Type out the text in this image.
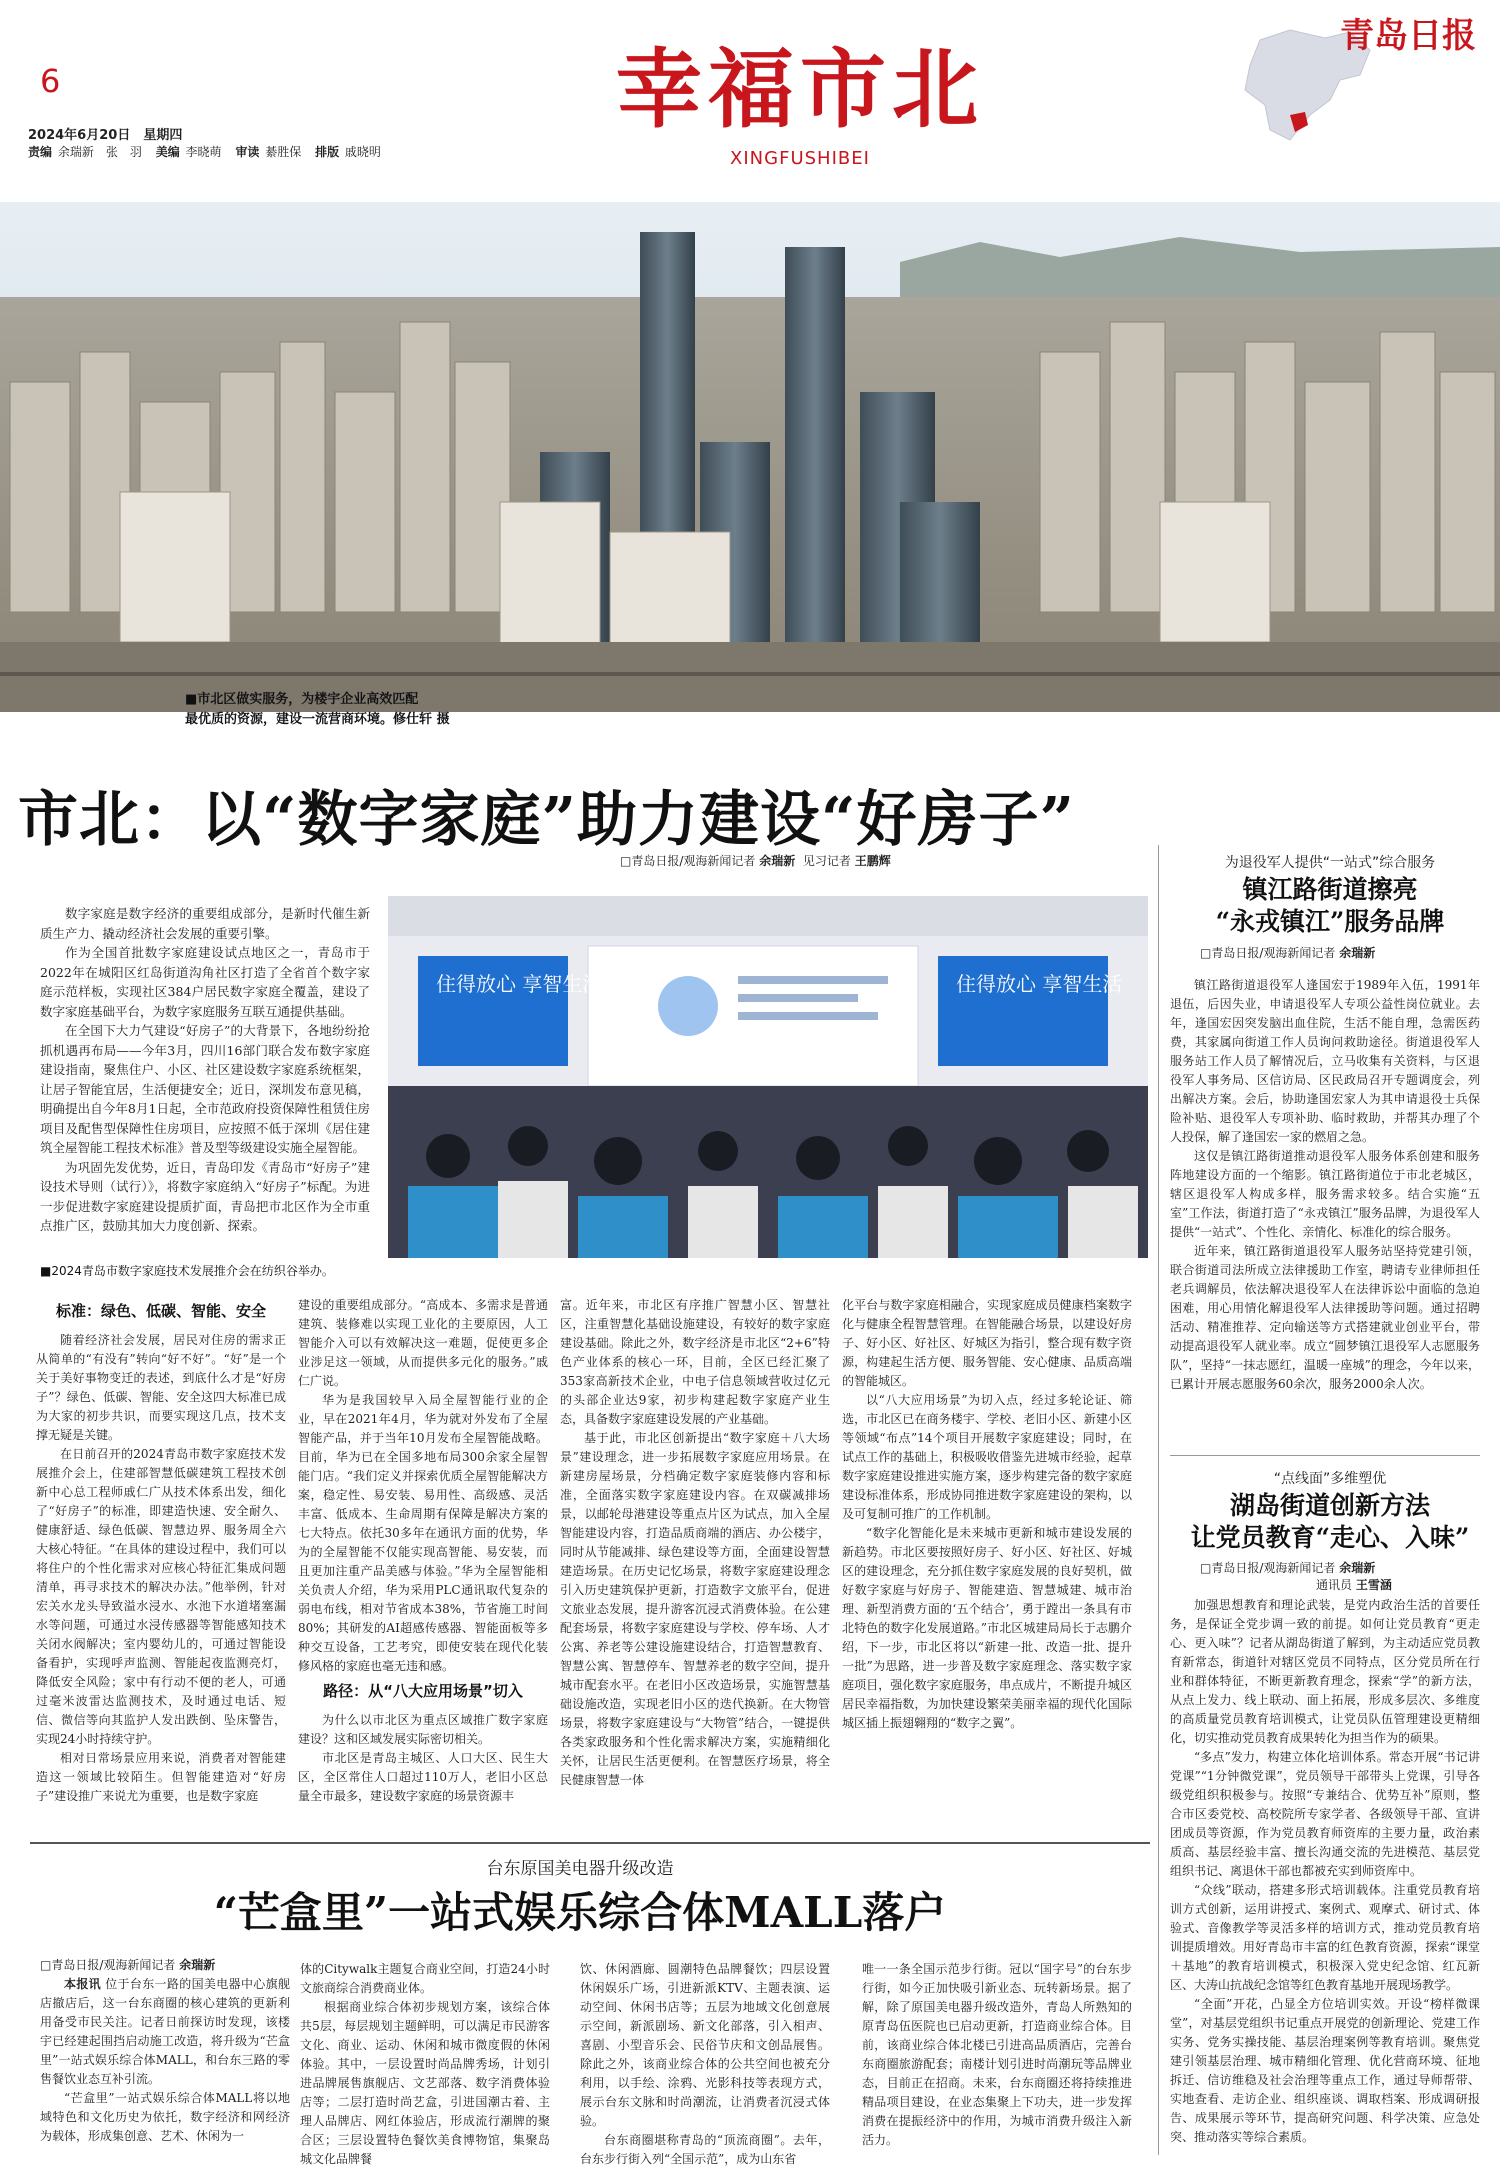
6
2024年6月20日　星期四
责编 余瑞新　张　羽 美编 李晓萌 审读 綦胜保 排版 戚晓明
幸福市北
XINGFUSHIBEI
青岛日报
■市北区做实服务，为楼宇企业高效匹配
最优质的资源，建设一流营商环境。修仕轩 摄
市北：以“数字家庭”助力建设“好房子”
□青岛日报/观海新闻记者 余瑞新 见习记者 王鹏辉

数字家庭是数字经济的重要组成部分，是新时代催生新质生产力、撬动经济社会发展的重要引擎。

作为全国首批数字家庭建设试点地区之一，青岛市于2022年在城阳区红岛街道沟角社区打造了全省首个数字家庭示范样板，实现社区384户居民数字家庭全覆盖，建设了数字家庭基础平台，为数字家庭服务互联互通提供基础。

在全国下大力气建设“好房子”的大背景下，各地纷纷抢抓机遇再布局——今年3月，四川16部门联合发布数字家庭建设指南，聚焦住户、小区、社区建设数字家庭系统框架，让居子智能宜居，生活便捷安全；近日，深圳发布意见稿，明确提出自今年8月1日起，全市范政府投资保障性租赁住房项目及配售型保障性住房项目，应按照不低于深圳《居住建筑全屋智能工程技术标准》普及型等级建设实施全屋智能。

为巩固先发优势，近日，青岛印发《青岛市“好房子”建设技术导则（试行）》，将数字家庭纳入“好房子”标配。为进一步促进数字家庭建设提质扩面，青岛把市北区作为全市重点推广区，鼓励其加大力度创新、探索。

住得放心 享智生活	住得放心 享智生活
■2024青岛市数字家庭技术发展推介会在纺织谷举办。
标准：绿色、低碳、智能、安全

随着经济社会发展，居民对住房的需求正从简单的“有没有”转向“好不好”。“好”是一个关于美好事物变迁的表述，到底什么才是“好房子”？绿色、低碳、智能、安全这四大标准已成为大家的初步共识，而要实现这几点，技术支撑无疑是关键。

在日前召开的2024青岛市数字家庭技术发展推介会上，住建部智慧低碳建筑工程技术创新中心总工程师戚仁广从技术体系出发，细化了“好房子”的标准，即建造快速、安全耐久、健康舒适、绿色低碳、智慧边界、服务周全六大核心特征。“在具体的建设过程中，我们可以将住户的个性化需求对应核心特征汇集成问题清单，再寻求技术的解决办法。”他举例，针对宏关水龙头导致溢水浸水、水池下水道堵塞漏水等问题，可通过水浸传感器等智能感知技术关闭水阀解决；室内婴幼儿的，可通过智能设备看护，实现呼声监测、智能起夜监测亮灯，降低安全风险；家中有行动不便的老人，可通过毫米波雷达监测技术，及时通过电话、短信、微信等向其监护人发出跌倒、坠床警告，实现24小时持续守护。

相对日常场景应用来说，消费者对智能建造这一领域比较陌生。但智能建造对“好房子”建设推广来说尤为重要，也是数字家庭

建设的重要组成部分。“高成本、多需求是普通建筑、装修难以实现工业化的主要原因，人工智能介入可以有效解决这一难题，促使更多企业涉足这一领域，从而提供多元化的服务。”戚仁广说。

华为是我国较早入局全屋智能行业的企业，早在2021年4月，华为就对外发布了全屋智能产品，并于当年10月发布全屋智能战略。目前，华为已在全国多地布局300余家全屋智能门店。“我们定义并探索优质全屋智能解决方案，稳定性、易安装、易用性、高级感、灵活丰富、低成本、生命周期有保障是解决方案的七大特点。依托30多年在通讯方面的优势，华为的全屋智能不仅能实现高智能、易安装，而且更加注重产品美感与体验。”华为全屋智能相关负责人介绍，华为采用PLC通讯取代复杂的弱电布线，相对节省成本38%，节省施工时间80%；其研发的AI超感传感器、智能面板等多种交互设备，工艺考究，即使安装在现代化装修风格的家庭也毫无违和感。

路径：从“八大应用场景”切入

为什么以市北区为重点区域推广数字家庭建设？这和区域发展实际密切相关。

市北区是青岛主城区、人口大区、民生大区，全区常住人口超过110万人，老旧小区总量全市最多，建设数字家庭的场景资源丰

富。近年来，市北区有序推广智慧小区、智慧社区，注重智慧化基础设施建设，有较好的数字家庭建设基础。除此之外，数字经济是市北区“2+6”特色产业体系的核心一环，目前，全区已经汇聚了353家高新技术企业，中电子信息领域营收过亿元的头部企业达9家，初步构建起数字家庭产业生态，具备数字家庭建设发展的产业基础。

基于此，市北区创新提出“数字家庭＋八大场景”建设理念，进一步拓展数字家庭应用场景。在新建房屋场景，分档确定数字家庭装修内容和标准，全面落实数字家庭建设内容。在双碳减排场景，以邮轮母港建设等重点片区为试点，加入全屋智能建设内容，打造品质商端的酒店、办公楼宇，同时从节能减排、绿色建设等方面，全面建设智慧建造场景。在历史记忆场景，将数字家庭建设理念引入历史建筑保护更新，打造数字文旅平台，促进文旅业态发展，提升游客沉浸式消费体验。在公建配套场景，将数字家庭建设与学校、停车场、人才公寓、养老等公建设施建设结合，打造智慧教育、智慧公寓、智慧停车、智慧养老的数字空间，提升城市配套水平。在老旧小区改造场景，实施智慧基础设施改造，实现老旧小区的迭代换新。在大物管场景，将数字家庭建设与“大物管”结合，一键提供各类家政服务和个性化需求解决方案，实施精细化关怀，让居民生活更便利。在智慧医疗场景，将全民健康智慧一体

化平台与数字家庭相融合，实现家庭成员健康档案数字化与健康全程智慧管理。在智能融合场景，以建设好房子、好小区、好社区、好城区为指引，整合现有数字资源，构建起生活方便、服务智能、安心健康、品质高端的智能城区。

以“八大应用场景”为切入点，经过多轮论证、筛选，市北区已在商务楼宇、学校、老旧小区、新建小区等领域“布点”14个项目开展数字家庭建设；同时，在试点工作的基础上，积极吸收借鉴先进城市经验，起草数字家庭建设推进实施方案，逐步构建完备的数字家庭建设标准体系，形成协同推进数字家庭建设的架构，以及可复制可推广的工作机制。

“数字化智能化是未来城市更新和城市建设发展的新趋势。市北区要按照好房子、好小区、好社区、好城区的建设理念，充分抓住数字家庭发展的良好契机，做好数字家庭与好房子、智能建造、智慧城建、城市治理、新型消费方面的‘五个结合’，勇于蹚出一条具有市北特色的数字化发展道路。”市北区城建局局长于志鹏介绍，下一步，市北区将以“新建一批、改造一批、提升一批”为思路，进一步普及数字家庭理念、落实数字家庭项目，强化数字家庭服务，串点成片，不断提升城区居民幸福指数，为加快建设繁荣美丽幸福的现代化国际城区插上振翅翱翔的“数字之翼”。

为退役军人提供“一站式”综合服务
镇江路街道擦亮
“永戎镇江”服务品牌
□青岛日报/观海新闻记者 余瑞新

镇江路街道退役军人逢国宏于1989年入伍，1991年退伍，后因失业，申请退役军人专项公益性岗位就业。去年，逢国宏因突发脑出血住院，生活不能自理，急需医药费，其家属向街道工作人员询问救助途径。街道退役军人服务站工作人员了解情况后，立马收集有关资料，与区退役军人事务局、区信访局、区民政局召开专题调度会，列出解决方案。会后，协助逢国宏家人为其申请退役士兵保险补贴、退役军人专项补助、临时救助，并帮其办理了个人投保，解了逢国宏一家的燃眉之急。

这仅是镇江路街道推动退役军人服务体系创建和服务阵地建设方面的一个缩影。镇江路街道位于市北老城区，辖区退役军人构成多样，服务需求较多。结合实施“五室”工作法，街道打造了“永戎镇江”服务品牌，为退役军人提供“一站式”、个性化、亲情化、标准化的综合服务。

近年来，镇江路街道退役军人服务站坚持党建引领，联合街道司法所成立法律援助工作室，聘请专业律师担任老兵调解员，依法解决退役军人在法律诉讼中面临的急迫困难，用心用情化解退役军人法律援助等问题。通过招聘活动、精准推荐、定向输送等方式搭建就业创业平台，带动提高退役军人就业率。成立“圆梦镇江退役军人志愿服务队”，坚持“一抹志愿红，温暖一座城”的理念，今年以来，已累计开展志愿服务60余次，服务2000余人次。

“点线面”多维塑优
湖岛街道创新方法
让党员教育“走心、入味”
□青岛日报/观海新闻记者 余瑞新
通讯员 王雪涵

加强思想教育和理论武装，是党内政治生活的首要任务，是保证全党步调一致的前提。如何让党员教育“更走心、更入味”？记者从湖岛街道了解到，为主动适应党员教育新常态，街道针对辖区党员不同特点，区分党员所在行业和群体特征，不断更新教育理念，探索“学”的新方法，从点上发力、线上联动、面上拓展，形成多层次、多维度的高质量党员教育培训模式，让党员队伍管理建设更精细化，切实推动党员教育成果转化为担当作为的硕果。

“多点”发力，构建立体化培训体系。常态开展“书记讲党课”“1分钟微党课”，党员领导干部带头上党课，引导各级党组织积极参与。按照“专兼结合、优势互补”原则，整合市区委党校、高校院所专家学者、各级领导干部、宣讲团成员等资源，作为党员教育师资库的主要力量，政治素质高、基层经验丰富、擅长沟通交流的先进模范、基层党组织书记、离退休干部也都被充实到师资库中。

“众线”联动，搭建多形式培训载体。注重党员教育培训方式创新，运用讲授式、案例式、观摩式、研讨式、体验式、音像教学等灵活多样的培训方式，推动党员教育培训提质增效。用好青岛市丰富的红色教育资源，探索“课堂＋基地”的教育培训模式，积极深入党史纪念馆、红瓦新区、大涛山抗战纪念馆等红色教育基地开展现场教学。

“全面”开花，凸显全方位培训实效。开设“榜样微课堂”，对基层党组织书记重点开展党的创新理论、党建工作实务、党务实操技能、基层治理案例等教育培训。聚焦党建引领基层治理、城市精细化管理、优化营商环境、征地拆迁、信访维稳及社会治理等重点工作，通过导师帮带、实地查看、走访企业、组织座谈、调取档案、形成调研报告、成果展示等环节，提高研究问题、科学决策、应急处突、推动落实等综合素质。

台东原国美电器升级改造
“芒盒里”一站式娱乐综合体MALL落户
□青岛日报/观海新闻记者 余瑞新

本报讯 位于台东一路的国美电器中心旗舰店撤店后，这一台东商圈的核心建筑的更新利用备受市民关注。记者日前探访时发现，该楼宇已经建起围挡启动施工改造，将升级为“芒盒里”一站式娱乐综合体MALL，和台东三路的零售餐饮业态互补引流。

“芒盒里”一站式娱乐综合体MALL将以地域特色和文化历史为依托，数字经济和网经济为载体，形成集创意、艺术、休闲为一

体的Citywalk主题复合商业空间，打造24小时文旅商综合消费商业体。

根据商业综合体初步规划方案，该综合体共5层，每层规划主题鲜明，可以满足市民游客文化、商业、运动、休闲和城市微度假的休闲体验。其中，一层设置时尚品牌秀场，计划引进品牌展售旗舰店、文艺部落、数字消费体验店等；二层打造时尚艺盒，引进国潮古着、主理人品牌店、网红体验店，形成流行潮牌的聚合区；三层设置特色餐饮美食博物馆，集聚岛城文化品牌餐

饮、休闲酒廊、圆潮特色品牌餐饮；四层设置休闲娱乐广场，引进新派KTV、主题表演、运动空间、休闲书店等；五层为地域文化创意展示空间，新派剧场、新文化部落，引入相声、喜剧、小型音乐会、民俗节庆和文创品展售。除此之外，该商业综合体的公共空间也被充分利用，以手绘、涂鸦、光影科技等表现方式，展示台东文脉和时尚潮流，让消费者沉浸式体验。

台东商圈堪称青岛的“顶流商圈”。去年，台东步行街入列“全国示范”，成为山东省

唯一一条全国示范步行街。冠以“国字号”的台东步行街，如今正加快吸引新业态、玩转新场景。据了解，除了原国美电器升级改造外，青岛人所熟知的原青岛伍医院也已启动更新，打造商业综合体。目前，该商业综合体北楼已引进高品质酒店，完善台东商圈旅游配套；南楼计划引进时尚潮玩等品牌业态，目前正在招商。未来，台东商圈还将持续推进精品项目建设，在业态集聚上下功夫，进一步发挥消费在提振经济中的作用，为城市消费升级注入新活力。
